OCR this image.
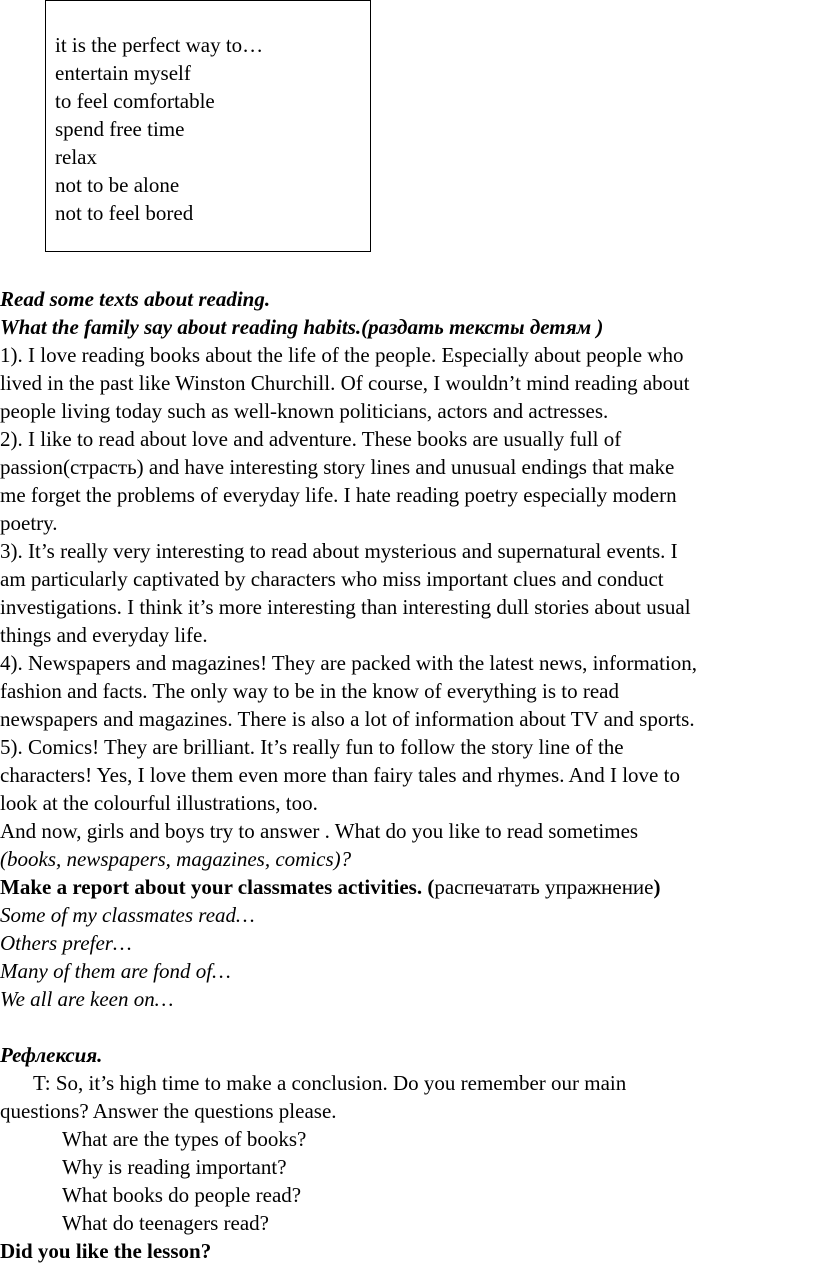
it is the perfect way to…
entertain myself
to feel comfortable
spend free time
relax
not to be alone
not to feel bored
Read some texts about reading.
What the family say about reading habits.(раздать тексты детям )
1). I love reading books about the life of the people. Especially about people who
lived in the past like Winston Churchill. Of course, I wouldn’t mind reading about
people living today such as well-known politicians, actors and actresses.
2). I like to read about love and adventure. These books are usually full of
passion(страсть) and have interesting story lines and unusual endings that make
me forget the problems of everyday life. I hate reading poetry especially modern
poetry.
3). It’s really very interesting to read about mysterious and supernatural events. I
am particularly captivated by characters who miss important clues and conduct
investigations. I think it’s more interesting than interesting dull stories about usual
things and everyday life.
4). Newspapers and magazines! They are packed with the latest news, information,
fashion and facts. The only way to be in the know of everything is to read
newspapers and magazines. There is also a lot of information about TV and sports.
5). Comics! They are brilliant. It’s really fun to follow the story line of the
characters! Yes, I love them even more than fairy tales and rhymes. And I love to
look at the colourful illustrations, too.
And now, girls and boys try to answer . What do you like to read sometimes
(books, newspapers, magazines, comics)?
Make a report about your classmates activities. (распечатать упражнение)
Some of my classmates read…
Others prefer…
Many of them are fond of…
We all are keen on…
Рефлексия.
T: So, it’s high time to make a conclusion. Do you remember our main
questions? Answer the questions please.
What are the types of books?
Why is reading important?
What books do people read?
What do teenagers read?
Did you like the lesson?
